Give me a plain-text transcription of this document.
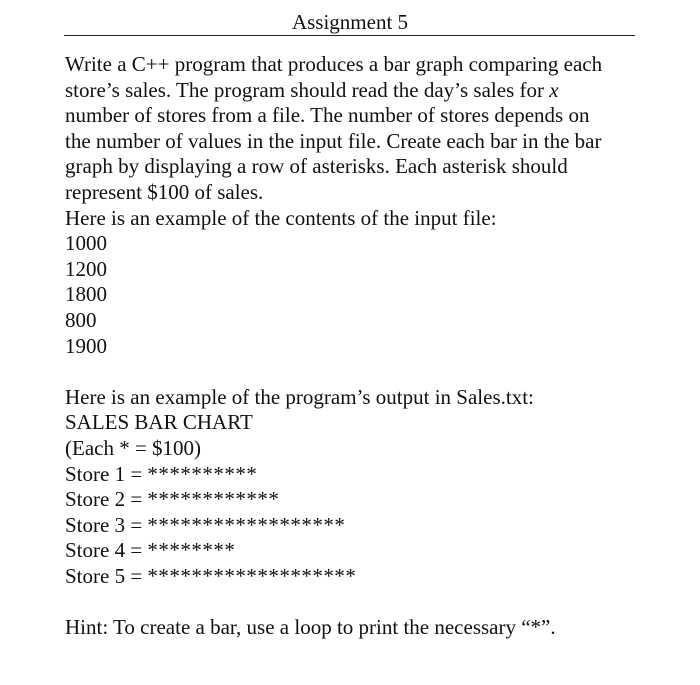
Assignment 5
Write a C++ program that produces a bar graph comparing each
store’s sales. The program should read the day’s sales for x
number of stores from a file. The number of stores depends on
the number of values in the input file. Create each bar in the bar
graph by displaying a row of asterisks. Each asterisk should
represent $100 of sales.
Here is an example of the contents of the input file:
1000
1200
1800
800
1900
Here is an example of the program’s output in Sales.txt:
SALES BAR CHART
(Each * = $100)
Store 1 = **********
Store 2 = ************
Store 3 = ******************
Store 4 = ********
Store 5 = *******************
Hint: To create a bar, use a loop to print the necessary “*”.
